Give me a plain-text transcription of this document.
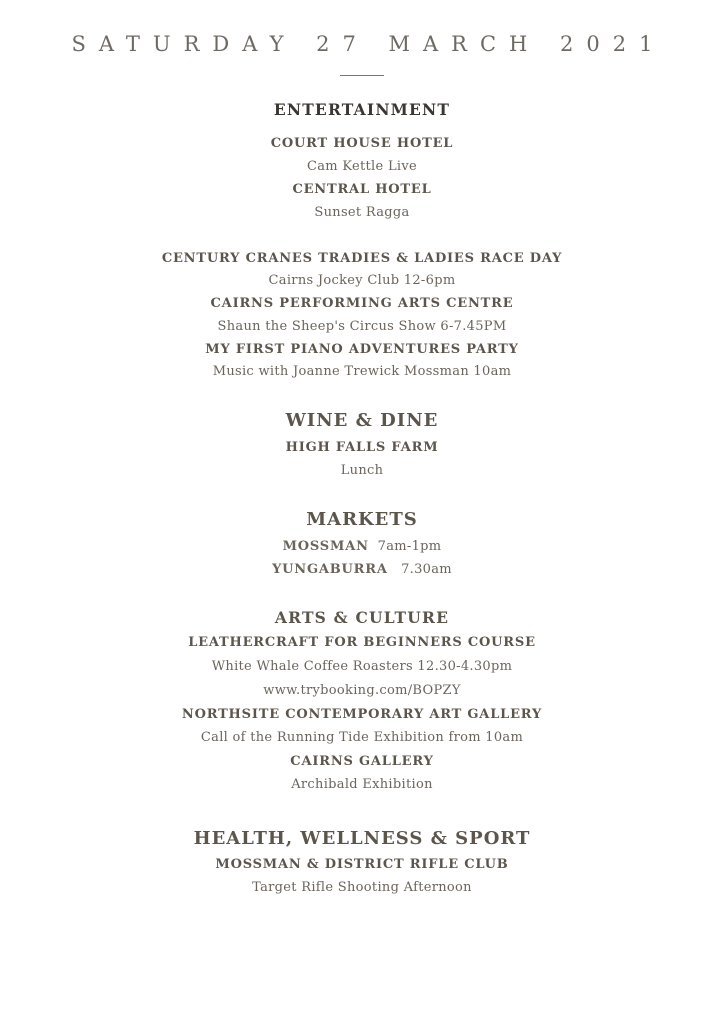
SATURDAY 27 MARCH 2021
ENTERTAINMENT
COURT HOUSE HOTEL
Cam Kettle Live
CENTRAL HOTEL
Sunset Ragga
CENTURY CRANES TRADIES & LADIES RACE DAY
Cairns Jockey Club 12-6pm
CAIRNS PERFORMING ARTS CENTRE
Shaun the Sheep's Circus Show 6-7.45PM
MY FIRST PIANO ADVENTURES PARTY
Music with Joanne Trewick Mossman 10am
WINE & DINE
HIGH FALLS FARM
Lunch
MARKETS
MOSSMAN 7am-1pm
YUNGABURRA 7.30am
ARTS & CULTURE
LEATHERCRAFT FOR BEGINNERS COURSE
White Whale Coffee Roasters 12.30-4.30pm
www.trybooking.com/BOPZY
NORTHSITE CONTEMPORARY ART GALLERY
Call of the Running Tide Exhibition from 10am
CAIRNS GALLERY
Archibald Exhibition
HEALTH, WELLNESS & SPORT
MOSSMAN & DISTRICT RIFLE CLUB
Target Rifle Shooting Afternoon
